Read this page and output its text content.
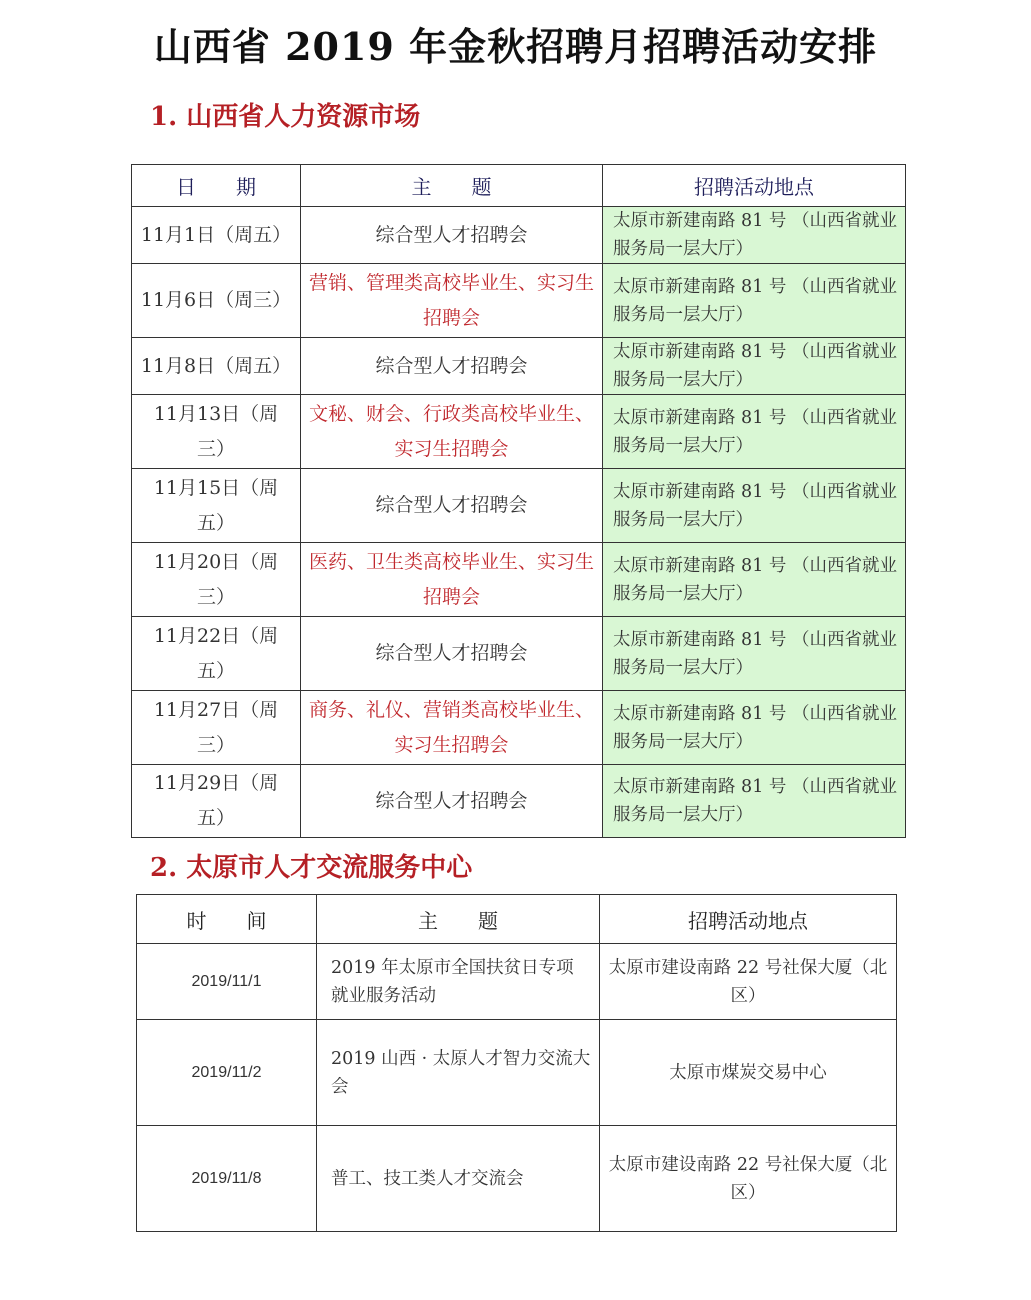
山西省 2019 年金秋招聘月招聘活动安排
1. 山西省人力资源市场
日　　期	主　　题	招聘活动地点
11月1日（周五）	综合型人才招聘会	太原市新建南路 81 号 （山西省就业服务局一层大厅）
11月6日（周三）	营销、管理类高校毕业生、实习生招聘会	太原市新建南路 81 号 （山西省就业服务局一层大厅）
11月8日（周五）	综合型人才招聘会	太原市新建南路 81 号 （山西省就业服务局一层大厅）
11月13日（周三）	文秘、财会、行政类高校毕业生、实习生招聘会	太原市新建南路 81 号 （山西省就业服务局一层大厅）
11月15日（周五）	综合型人才招聘会	太原市新建南路 81 号 （山西省就业服务局一层大厅）
11月20日（周三）	医药、卫生类高校毕业生、实习生招聘会	太原市新建南路 81 号 （山西省就业服务局一层大厅）
11月22日（周五）	综合型人才招聘会	太原市新建南路 81 号 （山西省就业服务局一层大厅）
11月27日（周三）	商务、礼仪、营销类高校毕业生、实习生招聘会	太原市新建南路 81 号 （山西省就业服务局一层大厅）
11月29日（周五）	综合型人才招聘会	太原市新建南路 81 号 （山西省就业服务局一层大厅）
2. 太原市人才交流服务中心
时　　间	主　　题	招聘活动地点
2019/11/1	2019 年太原市全国扶贫日专项就业服务活动	太原市建设南路 22 号社保大厦（北区）
2019/11/2	2019 山西 · 太原人才智力交流大会	太原市煤炭交易中心
2019/11/8	普工、技工类人才交流会	太原市建设南路 22 号社保大厦（北区）
